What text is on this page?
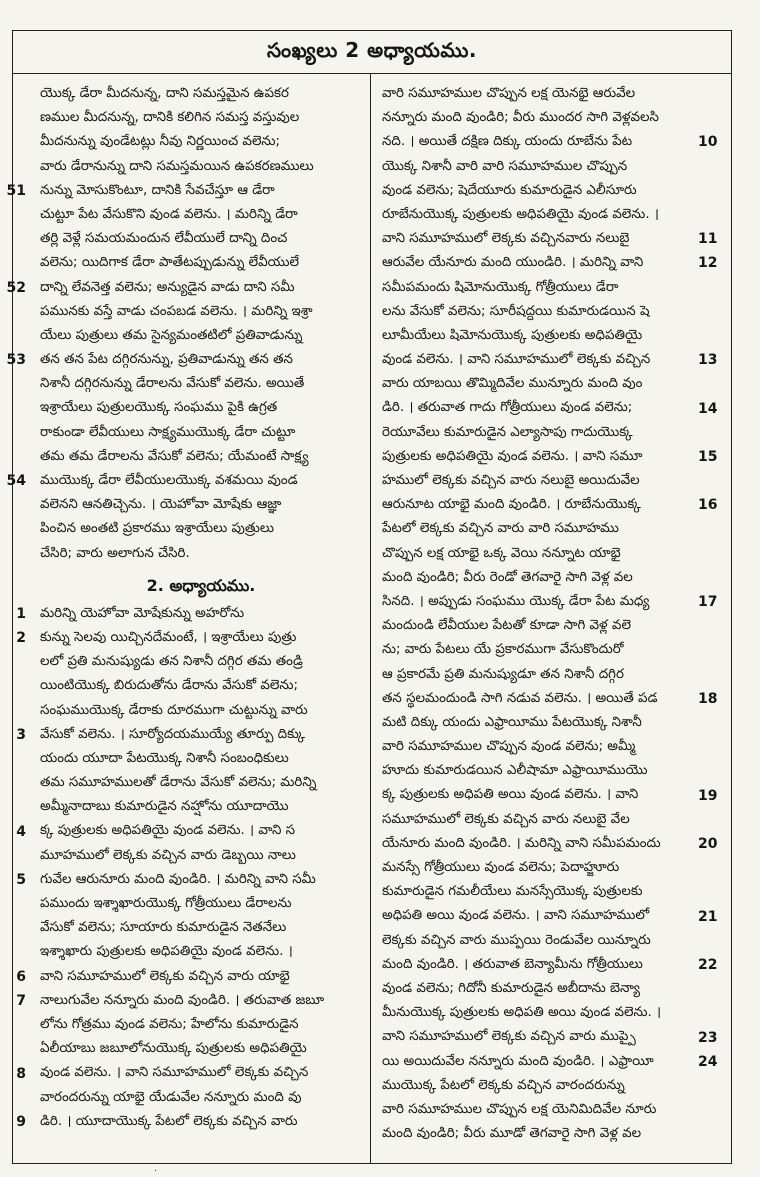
సంఖ్యలు 2 అధ్యాయము.
యొక్క డేరా మీదనున్న, దాని సమస్తమైన ఉపకర
ణముల మీదనున్న, దానికి కలిగిన సమస్త వస్తువుల
మీదనున్ను వుండేటట్లు నీవు నిర్ణయించ వలెను;
వారు డేరానున్ను దాని సమస్తమయిన ఉపకరణములు
నున్ను మోసుకొంటూ, దానికి సేవచేస్తూ ఆ డేరా
చుట్టూ పేట వేసుకొని వుండ వలెను. । మరిన్ని డేరా
తర్లి వెళ్లే సమయమందున లేవీయులే దాన్ని దించ
వలెను; యిదిగాక డేరా పాతేటప్పుడున్ను లేవీయులే
దాన్ని లేవనెత్త వలెను; అన్యుడైన వాడు దాని సమీ
పమునకు వస్తే వాడు చంపబడ వలెను. । మరిన్ని ఇశ్రా
యేలు పుత్రులు తమ సైన్యమంతటిలో ప్రతివాడున్ను
తన తన పేట దగ్గిరనున్ను, ప్రతివాడున్ను తన తన
నిశానీ దగ్గిరనున్ను డేరాలను వేసుకో వలెను. అయితే
ఇశ్రాయేలు పుత్రులయొక్క సంఘము పైకి ఉగ్రత
రాకుండా లేవీయులు సాక్ష్యముయొక్క డేరా చుట్టూ
తమ తమ డేరాలను వేసుకో వలెను; యేమంటే సాక్ష్య
ముయొక్క డేరా లేవీయులయొక్క వశమయి వుండ
వలెనని ఆనతిచ్చెను. । యెహోవా మోషేకు ఆజ్ఞా
పించిన అంతటి ప్రకారము ఇశ్రాయేలు పుత్రులు
చేసిరి; వారు అలాగున చేసిరి.
2. అధ్యాయము.
మరిన్ని యెహోవా మోషేకున్ను అహరోను
కున్ను సెలవు యిచ్చినదేమంటే, । ఇశ్రాయేలు పుత్రు
లలో ప్రతి మనుష్యుడు తన నిశానీ దగ్గిర తమ తండ్రి
యింటియొక్క బిరుదుతోను డేరాను వేసుకో వలెను;
సంఘముయొక్క డేరాకు దూరముగా చుట్టున్ను వారు
వేసుకో వలెను. । సూర్యోదయముయ్యే తూర్పు దిక్కు
యందు యూదా పేటయొక్క నిశానీ సంబంధికులు
తమ సమూహములతో డేరాను వేసుకో వలెను; మరిన్ని
అమ్మీనాదాబు కుమారుడైన నహ్షోను యూదాయొ
క్క పుత్రులకు అధిపతియై వుండ వలెను. । వాని స
మూహములో లెక్కకు వచ్చిన వారు డెబ్బయి నాలు
గువేల ఆరునూరు మంది వుండిరి. । మరిన్ని వాని సమీ
పముందు ఇశ్శాఖారుయొక్క గోత్రీయులు డేరాలను
వేసుకో వలెను; సూయారు కుమారుడైన నెతనేలు
ఇశ్శాఖారు పుత్రులకు అధిపతియై వుండ వలెను. ।
వాని సమూహములో లెక్కకు వచ్చిన వారు యాభై
నాలుగువేల నన్నూరు మంది వుండిరి. । తరువాత జబూ
లోను గోత్రము వుండ వలెను; హేలోను కుమారుడైన
ఏలీయాబు జబూలోనుయొక్క పుత్రులకు అధిపతియై
వుండ వలెను. । వాని సమూహములో లెక్కకు వచ్చిన
వారందరున్ను యాభై యేడువేల నన్నూరు మంది వు
డిరి. । యూదాయొక్క పేటలో లెక్కకు వచ్చిన వారు
వారి సమూహముల చొప్పున లక్ష యెనభై ఆరువేల
నన్నూరు మంది వుండిరి; వీరు ముందర సాగి వెళ్లవలసి
నది. । అయితే దక్షిణ దిక్కు యందు రూబేను పేట
యొక్క నిశానీ వారి వారి సమూహముల చొప్పున
వుండ వలెను; షెదేయూరు కుమారుడైన ఎలీసూరు
రూబేనుయొక్క పుత్రులకు అధిపతియై వుండ వలెను. ।
వాని సమూహములో లెక్కకు వచ్చినవారు నలుబై
ఆరువేల యేనూరు మంది యుండిరి. । మరిన్ని వాని
సమీపమందు షిమోనుయొక్క గోత్రీయులు డేరా
లను వేసుకో వలెను; సూరీషద్దయి కుమారుడయిన షె
లూమీయేలు షిమోనుయొక్క పుత్రులకు అధిపతియై
వుండ వలెను. । వాని సమూహములో లెక్కకు వచ్చిన
వారు యాబయి తొమ్మిదివేల మున్నూరు మంది వుం
డిరి. । తరువాత గాదు గోత్రీయులు వుండ వలెను;
రెయూవేలు కుమారుడైన ఎల్యాసాపు గాదుయొక్క
పుత్రులకు అధిపతియై వుండ వలెను. । వాని సమూ
హములో లెక్కకు వచ్చిన వారు నలుబై అయిదువేల
ఆరునూట యాభై మంది వుండిరి. । రూబేనుయొక్క
పేటలో లెక్కకు వచ్చిన వారు వారి సమూహము
చొప్పున లక్ష యాభై ఒక్క వెయి నన్నూట యాభై
మంది వుండిరి; వీరు రెండో తెగవారై సాగి వెళ్ల వల
సినది. । అప్పుడు సంఘము యొక్క డేరా పేట మధ్య
మందుండి లేవీయుల పేటతో కూడా సాగి వెళ్ల వలె
ను; వారు పేటలు యే ప్రకారముగా వేసుకొందురో
ఆ ప్రకారమే ప్రతి మనుష్యుడూ తన నిశానీ దగ్గిర
తన స్థలమందుండి సాగి నడువ వలెను. । అయితే పడ
మటి దిక్కు యందు ఎఫ్రాయీము పేటయొక్క నిశానీ
వారి సమూహముల చొప్పున వుండ వలెను; అమ్మీ
హూదు కుమారుడయిన ఎలీషామా ఎఫ్రాయీముయొ
క్క పుత్రులకు అధిపతి అయి వుండ వలెను. । వాని
సమూహములో లెక్కకు వచ్చిన వారు నలుబై వేల
యేనూరు మంది వుండిరి. । మరిన్ని వాని సమీపమందు
మనస్సే గోత్రీయులు వుండ వలెను; పెదాహ్జూరు
కుమారుడైన గమలీయేలు మనస్సేయొక్క పుత్రులకు
అధిపతి అయి వుండ వలెను. । వాని సమూహములో
లెక్కకు వచ్చిన వారు ముప్పయి రెండువేల యిన్నూరు
మంది వుండిరి. । తరువాత బెన్యామీను గోత్రీయులు
వుండ వలెను; గిదోనీ కుమారుడైన అబీదాను బెన్యా
మీనుయొక్క పుత్రులకు అధిపతి అయి వుండ వలెను. ।
వాని సమూహములో లెక్కకు వచ్చిన వారు ముప్పై
యి అయిదువేల నన్నూరు మంది వుండిరి. । ఎఫ్రాయీ
ముయొక్క పేటలో లెక్కకు వచ్చిన వారందరున్ను
వారి సమూహముల చొప్పున లక్ష యెనిమిదివేల నూరు
మంది వుండిరి; వీరు మూడో తెగవారై సాగి వెళ్ల వల
51
52
53
54
1
2
3
4
5
6
7
8
9
10
11
12
13
14
15
16
17
18
19
20
21
22
23
24
·
